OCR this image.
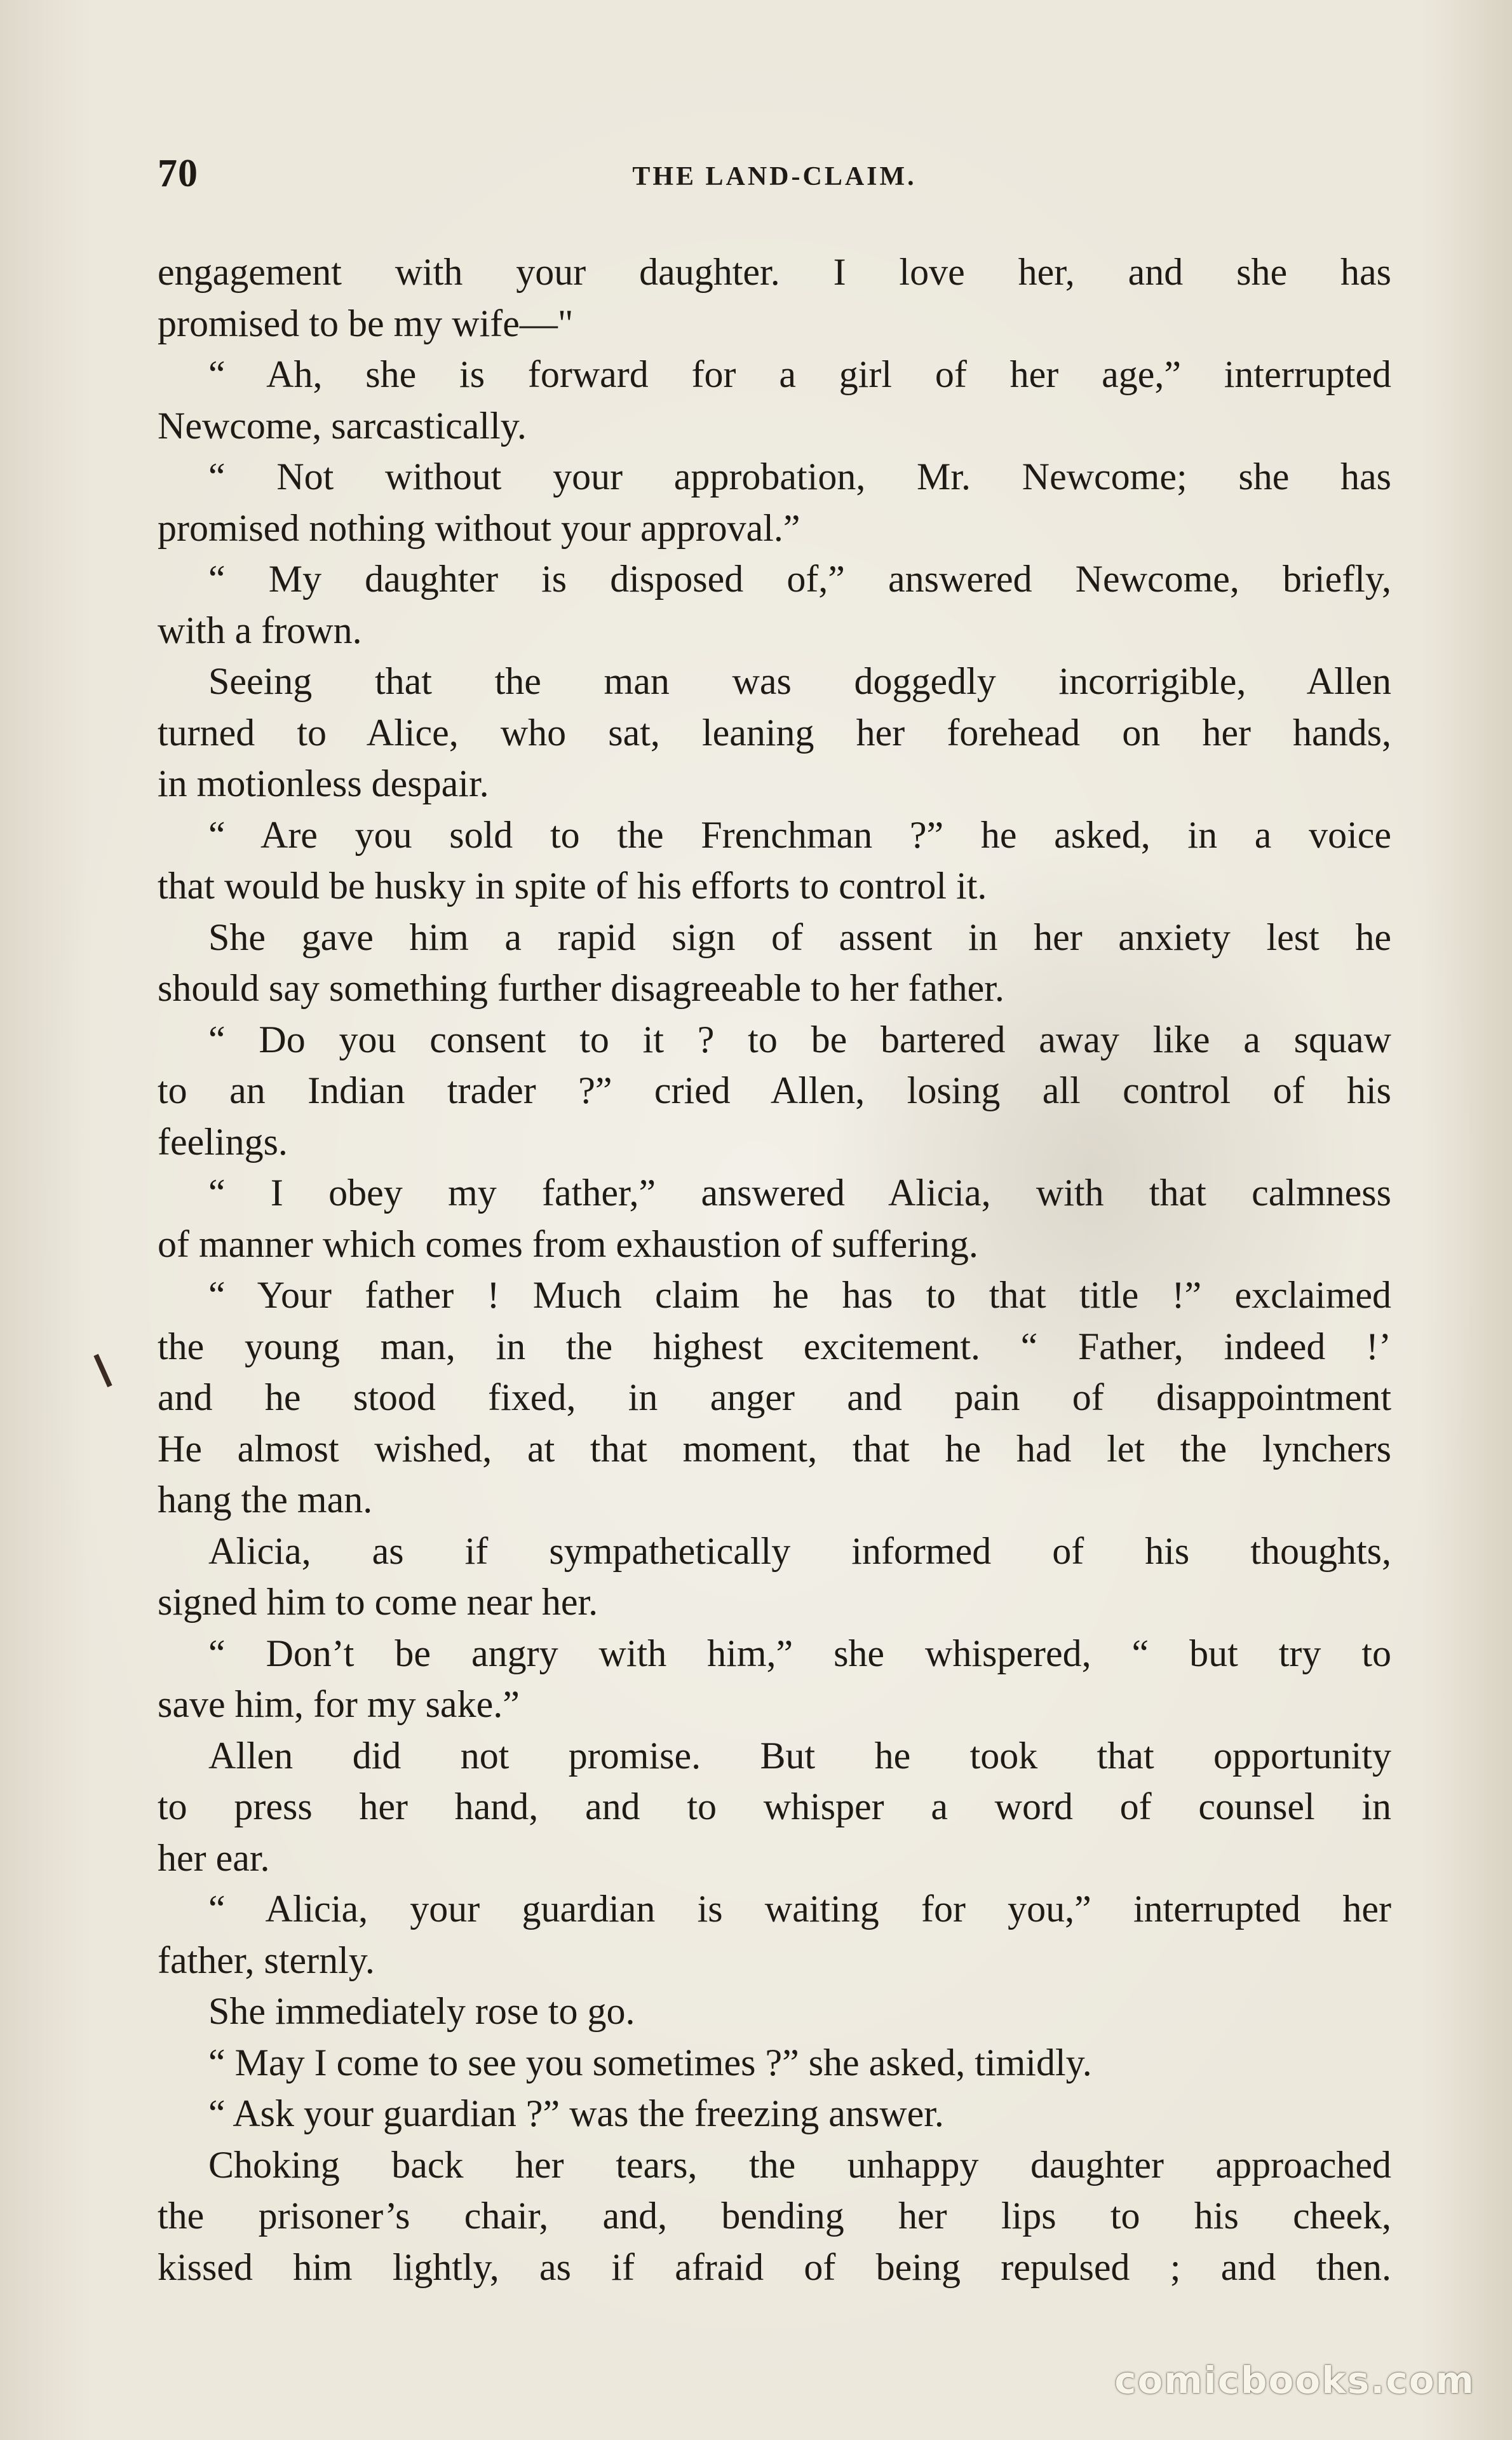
70	THE LAND-CLAIM.
engagement with your daughter. I love her, and she has
promised to be my wife—"
“ Ah, she is forward for a girl of her age,” interrupted
Newcome, sarcastically.
“ Not without your approbation, Mr. Newcome; she has
promised nothing without your approval.”
“ My daughter is disposed of,” answered Newcome, briefly,
with a frown.
Seeing that the man was doggedly incorrigible, Allen
turned to Alice, who sat, leaning her forehead on her hands,
in motionless despair.
“ Are you sold to the Frenchman ?” he asked, in a voice
that would be husky in spite of his efforts to control it.
She gave him a rapid sign of assent in her anxiety lest he
should say something further disagreeable to her father.
“ Do you consent to it ? to be bartered away like a squaw
to an Indian trader ?” cried Allen, losing all control of his
feelings.
“ I obey my father,” answered Alicia, with that calmness
of manner which comes from exhaustion of suffering.
“ Your father ! Much claim he has to that title !” exclaimed
the young man, in the highest excitement. “ Father, indeed !’
and he stood fixed, in anger and pain of disappointment
He almost wished, at that moment, that he had let the lynchers
hang the man.
Alicia, as if sympathetically informed of his thoughts,
signed him to come near her.
“ Don’t be angry with him,” she whispered, “ but try to
save him, for my sake.”
Allen did not promise. But he took that opportunity
to press her hand, and to whisper a word of counsel in
her ear.
“ Alicia, your guardian is waiting for you,” interrupted her
father, sternly.
She immediately rose to go.
“ May I come to see you sometimes ?” she asked, timidly.
“ Ask your guardian ?” was the freezing answer.
Choking back her tears, the unhappy daughter approached
the prisoner’s chair, and, bending her lips to his cheek,
kissed him lightly, as if afraid of being repulsed ; and then.
comicbooks.com
